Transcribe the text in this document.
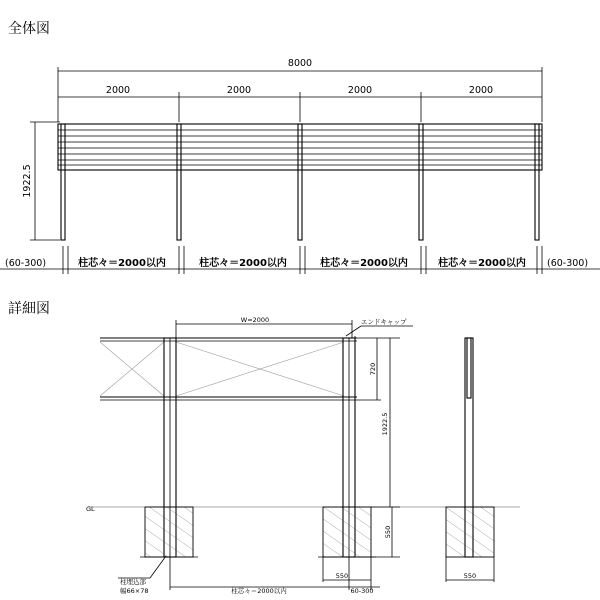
全体図
8000
2000	2000	2000	2000
1922.5
(60-300)	(60-300)
柱芯々＝2000以内	柱芯々＝2000以内	柱芯々＝2000以内	柱芯々＝2000以内
詳細図
W=2000	エンドキャップ
720
1922.5
GL
550
550
柱芯々＝2000以内	60-300
柱埋込部
幅66×78
550
